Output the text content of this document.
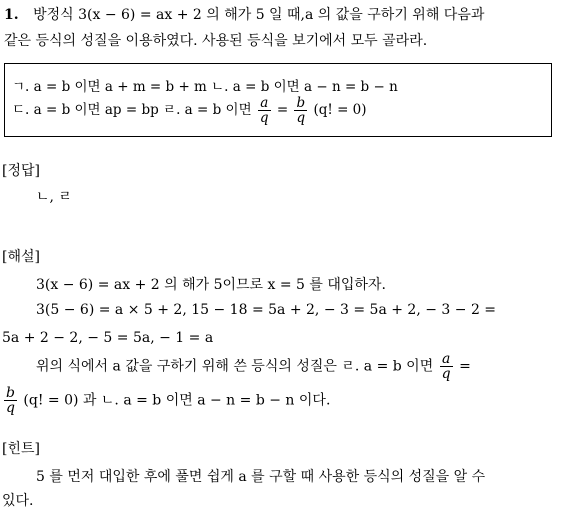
1. 방정식 3(x − 6) = ax + 2 의 해가 5 일 때,a 의 값을 구하기 위해 다음과
같은 등식의 성질을 이용하였다. 사용된 등식을 보기에서 모두 골라라.
ㄱ. a = b 이면 a + m = b + m ㄴ. a = b 이면 a − n = b − n
ㄷ. a = b 이면 ap = bp ㄹ. a = b 이면 $\frac{a}{q} = \frac{b}{q} (q$! = 0)
[정답]
ㄴ, ㄹ
[해설]
3(x − 6) = ax + 2 의 해가 5이므로 x = 5 를 대입하자.
3(5 − 6) = a × 5 + 2, 15 − 18 = 5a + 2, − 3 = 5a + 2, − 3 − 2 =
5a + 2 − 2, − 5 = 5a, − 1 = a
위의 식에서 a 값을 구하기 위해 쓴 등식의 성질은 ㄹ. a = b 이면 $\frac{a}{q}$ =
$\frac{b}{q} (q$! = 0) 과 ㄴ. a = b 이면 a − n = b − n 이다.
[힌트]
5 를 먼저 대입한 후에 풀면 쉽게 a 를 구할 때 사용한 등식의 성질을 알 수
있다.
